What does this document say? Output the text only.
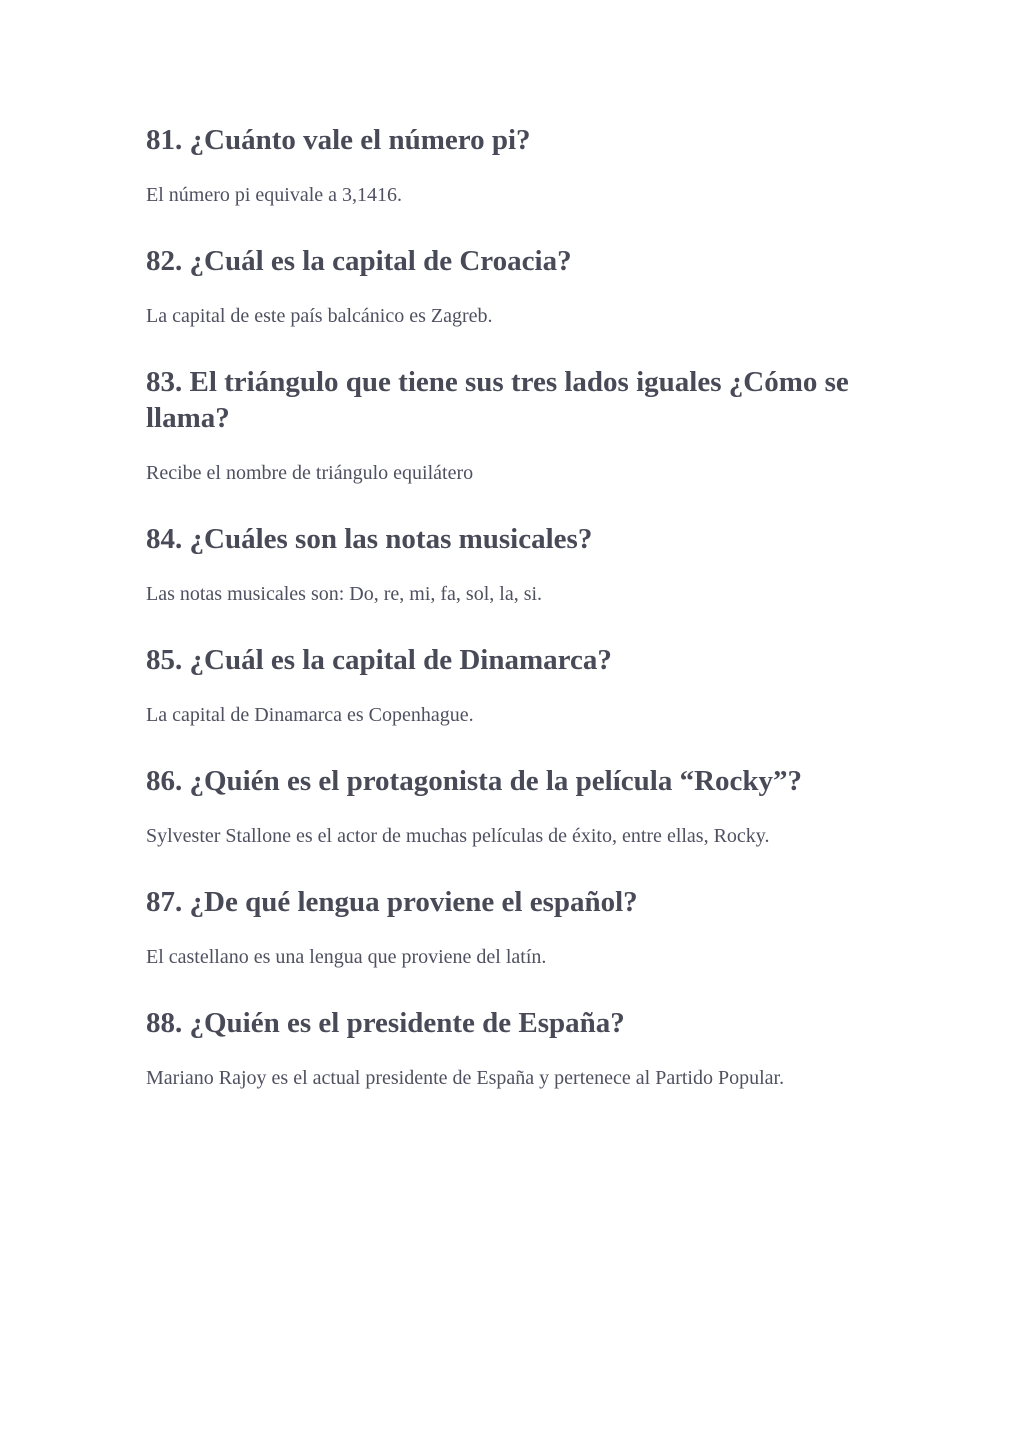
81. ¿Cuánto vale el número pi?

El número pi equivale a 3,1416.

82. ¿Cuál es la capital de Croacia?

La capital de este país balcánico es Zagreb.

83. El triángulo que tiene sus tres lados iguales ¿Cómo se llama?

Recibe el nombre de triángulo equilátero

84. ¿Cuáles son las notas musicales?

Las notas musicales son: Do, re, mi, fa, sol, la, si.

85. ¿Cuál es la capital de Dinamarca?

La capital de Dinamarca es Copenhague.

86. ¿Quién es el protagonista de la película “Rocky”?

Sylvester Stallone es el actor de muchas películas de éxito, entre ellas, Rocky.

87. ¿De qué lengua proviene el español?

El castellano es una lengua que proviene del latín.

88. ¿Quién es el presidente de España?

Mariano Rajoy es el actual presidente de España y pertenece al Partido Popular.
